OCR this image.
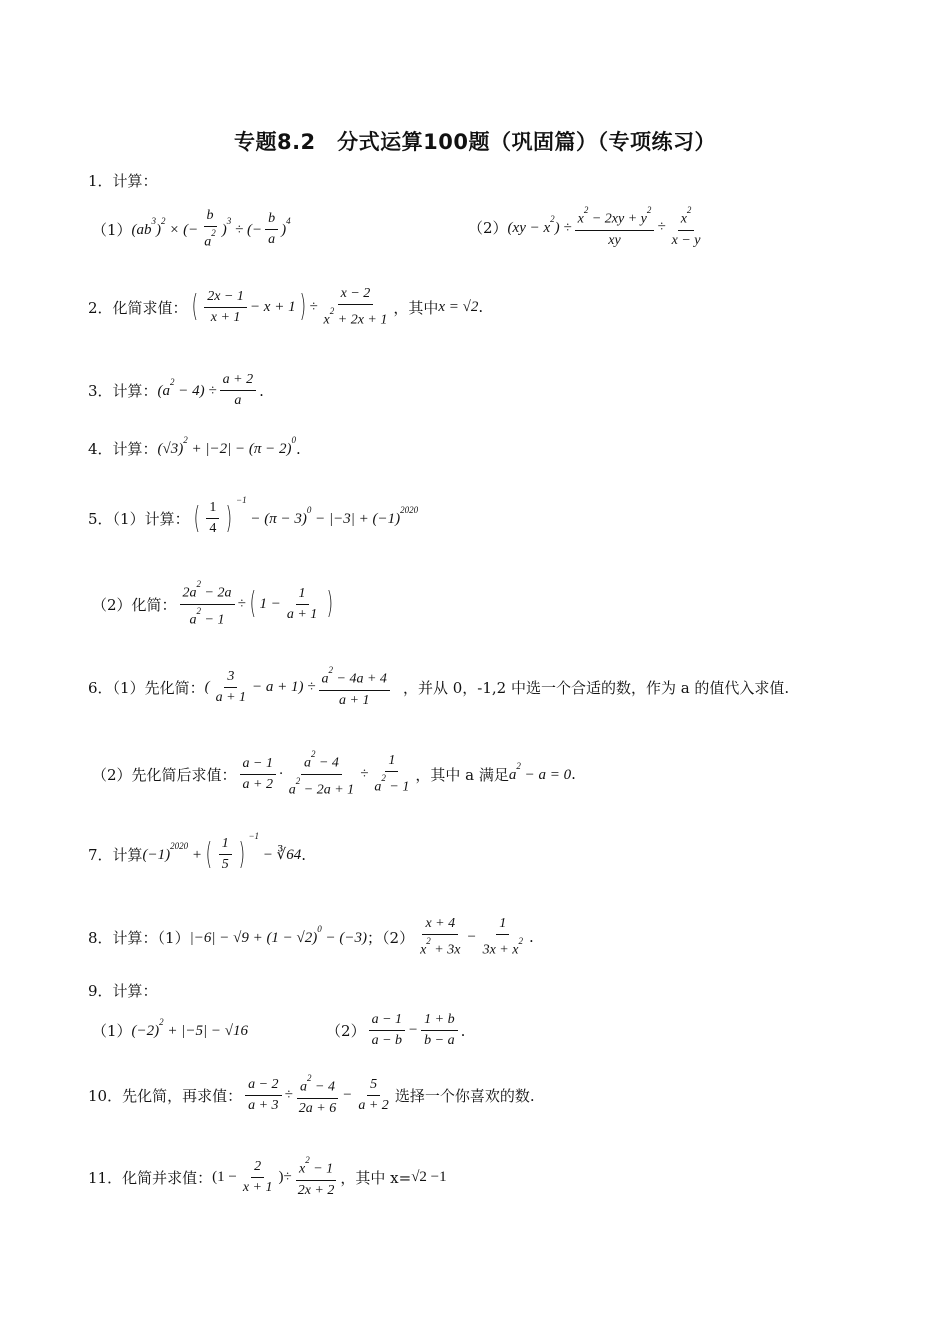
专题8.2　分式运算100题（巩固篇）（专项练习）
1．计算：
（1） $(ab^3)^2$ × (− $\frac{b}{a^2} )^3$ ÷ (− $\frac{b}{a} )^4$	（2） $(xy - x^2) \div \frac{x^2 - 2xy + y^2}{xy} \div \frac{x^2}{x - y}$
2．化简求值： ( $\frac{2x - 1}{x + 1} - x + 1$ ) ÷ $\frac{x - 2}{x^2 + 2x + 1}$ ，其中 x = √2 .
3．计算： $(a^2 - 4) \div \frac{a + 2}{a}$ .
4．计算： $(√3)^2 + |-2| - (\pi - 2)^0$ .
5．（1）计算： ( $\frac{1}{4}$ )
$^{-1} - (\pi - 3)^0 - |-3| + (-1)^{2020}$
（2）化简： $\frac{2a^2 - 2a}{a^2 - 1}$ ÷ ( $1 - \frac{1}{a + 1}$ )
6．（1）先化简： ( $\frac{3}{a + 1} - a + 1) \div \frac{a^2 - 4a + 4}{a + 1}$ ，并从 0，-1,2 中选一个合适的数，作为 a 的值代入求值.
（2）先化简后求值： $\frac{a - 1}{a + 2} \cdot \frac{a^2 - 4}{a^2 - 2a + 1} \div \frac{1}{a^2 - 1}$ ，其中 a 满足 $a^2 - a = 0$ .
7．计算 $(-1)^{2020}$ + ( $\frac{1}{5}$ )
$^{-1}$ − ∛64 .
8．计算：（1） $|-6| - √9 + (1 - √2)^0 - (-3)$ ；$(2) \frac{x + 4}{x^2 + 3x} - \frac{1}{3x + x^2}$ .
9．计算：
（1） $(-2)^2 + |-5| - √16$	$(2) \frac{a - 1}{a - b} - \frac{1 + b}{b - a}$ .
10．先化简，再求值： $\frac{a - 2}{a + 3} \div \frac{a^2 - 4}{2a + 6} - \frac{5}{a + 2}$ 选择一个你喜欢的数.
11．化简并求值： ($1 - \frac{2}{x + 1}$ )÷ $\frac{x^2 - 1}{2x + 2}$ ，其中 x= √2 −1
